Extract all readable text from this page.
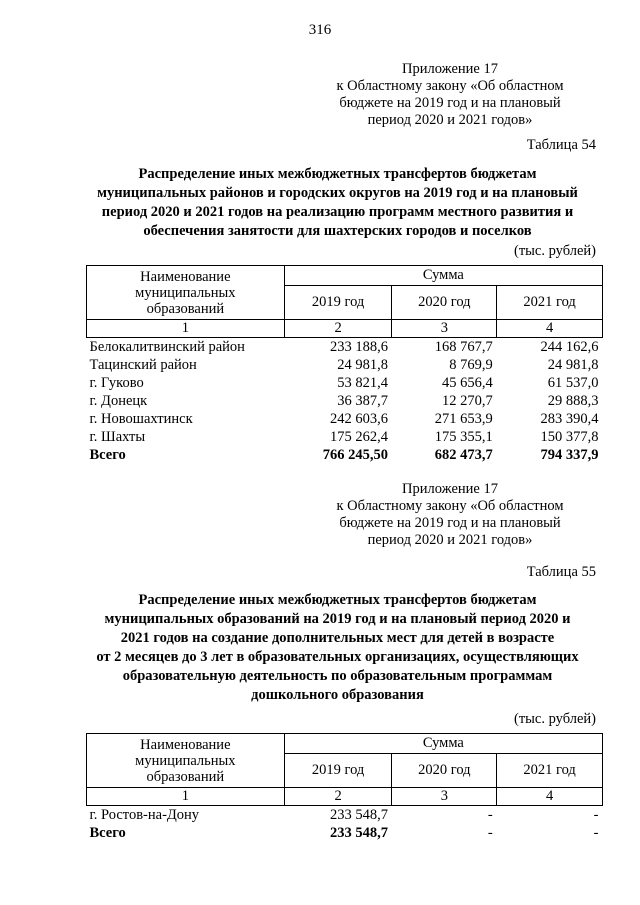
316
Приложение 17
к Областному закону «Об областном
бюджете на 2019 год и на плановый
период 2020 и 2021 годов»
Таблица 54
Распределение иных межбюджетных трансфертов бюджетам
муниципальных районов и городских округов на 2019 год и на плановый
период 2020 и 2021 годов на реализацию программ местного развития и
обеспечения занятости для шахтерских городов и поселков
(тыс. рублей)
Наименование
муниципальных
образований	Сумма		
	2019 год	2020 год	2021 год
1	2	3	4
Белокалитвинский район	233 188,6	168 767,7	244 162,6
Тацинский район	24 981,8	8 769,9	24 981,8
г. Гуково	53 821,4	45 656,4	61 537,0
г. Донецк	36 387,7	12 270,7	29 888,3
г. Новошахтинск	242 603,6	271 653,9	283 390,4
г. Шахты	175 262,4	175 355,1	150 377,8
Всего	766 245,50	682 473,7	794 337,9
Приложение 17
к Областному закону «Об областном
бюджете на 2019 год и на плановый
период 2020 и 2021 годов»
Таблица 55
Распределение иных межбюджетных трансфертов бюджетам
муниципальных образований на 2019 год и на плановый период 2020 и
2021 годов на создание дополнительных мест для детей в возрасте
от 2 месяцев до 3 лет в образовательных организациях, осуществляющих
образовательную деятельность по образовательным программам
дошкольного образования
(тыс. рублей)
Наименование
муниципальных
образований	Сумма		
	2019 год	2020 год	2021 год
1	2	3	4
г. Ростов-на-Дону	233 548,7	-	-
Всего	233 548,7	-	-
